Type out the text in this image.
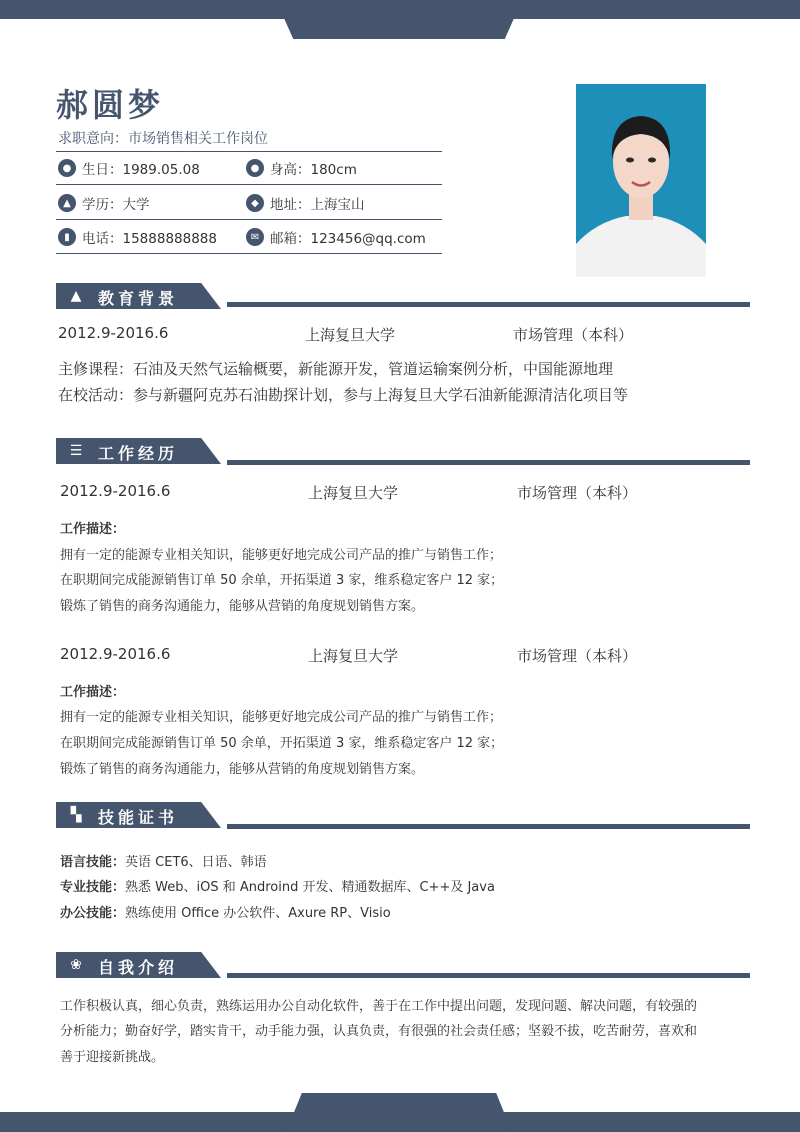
郝圆梦
求职意向：市场销售相关工作岗位
● 生日：1989.05.08	● 身高：180cm
▲ 学历：大学	◆ 地址：上海宝山
▮ 电话：15888888888	✉ 邮箱：123456@qq.com
▲	教育背景
2012.9-2016.6	上海复旦大学	市场管理（本科）
主修课程：石油及天然气运输概要，新能源开发，管道运输案例分析，中国能源地理
在校活动：参与新疆阿克苏石油勘探计划，参与上海复旦大学石油新能源清洁化项目等
☰ 工作经历
2012.9-2016.6	上海复旦大学	市场管理（本科）
工作描述：
拥有一定的能源专业相关知识，能够更好地完成公司产品的推广与销售工作；
在职期间完成能源销售订单 50 余单，开拓渠道 3 家，维系稳定客户 12 家；
锻炼了销售的商务沟通能力，能够从营销的角度规划销售方案。
2012.9-2016.6	上海复旦大学	市场管理（本科）
工作描述：
拥有一定的能源专业相关知识，能够更好地完成公司产品的推广与销售工作；
在职期间完成能源销售订单 50 余单，开拓渠道 3 家，维系稳定客户 12 家；
锻炼了销售的商务沟通能力，能够从营销的角度规划销售方案。
▚	技能证书
语言技能：英语 CET6、日语、韩语
专业技能：熟悉 Web、iOS 和 Androind 开发、精通数据库、C++及 Java
办公技能：熟练使用 Office 办公软件、Axure RP、Visio
❀	自我介绍
工作积极认真，细心负责，熟练运用办公自动化软件，善于在工作中提出问题，发现问题、解决问题，有较强的
分析能力；勤奋好学，踏实肯干，动手能力强，认真负责，有很强的社会责任感；坚毅不拔，吃苦耐劳，喜欢和
善于迎接新挑战。
